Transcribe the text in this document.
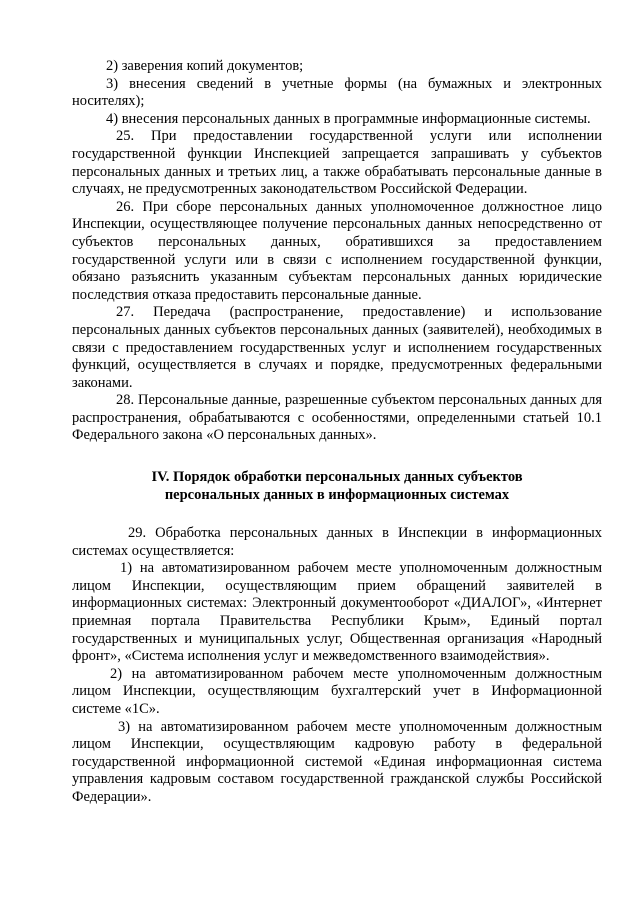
2) заверения копий документов;

3) внесения сведений в учетные формы (на бумажных и электронных носителях);

4) внесения персональных данных в программные информационные системы.

25. При предоставлении государственной услуги или исполнении государственной функции Инспекцией запрещается запрашивать у субъектов персональных данных и третьих лиц, а также обрабатывать персональные данные в случаях, не предусмотренных законодательством Российской Федерации.

26. При сборе персональных данных уполномоченное должностное лицо Инспекции, осуществляющее получение персональных данных непосредственно от субъектов персональных данных, обратившихся за предоставлением государственной услуги или в связи с исполнением государственной функции, обязано разъяснить указанным субъектам персональных данных юридические последствия отказа предоставить персональные данные.

27. Передача (распространение, предоставление) и использование персональных данных субъектов персональных данных (заявителей), необходимых в связи с предоставлением государственных услуг и исполнением государственных функций, осуществляется в случаях и порядке, предусмотренных федеральными законами.

28. Персональные данные, разрешенные субъектом персональных данных для распространения, обрабатываются с особенностями, определенными статьей 10.1 Федерального закона «О персональных данных».

IV. Порядок обработки персональных данных субъектов
персональных данных в информационных системах

29. Обработка персональных данных в Инспекции в информационных системах осуществляется:

1) на автоматизированном рабочем месте уполномоченным должностным лицом Инспекции, осуществляющим прием обращений заявителей в информационных системах: Электронный документооборот «ДИАЛОГ», «Интернет приемная портала Правительства Республики Крым», Единый портал государственных и муниципальных услуг, Общественная организация «Народный фронт», «Система исполнения услуг и межведомственного взаимодействия».

2) на автоматизированном рабочем месте уполномоченным должностным лицом Инспекции, осуществляющим бухгалтерский учет в Информационной системе «1С».

3) на автоматизированном рабочем месте уполномоченным должностным лицом Инспекции, осуществляющим кадровую работу в федеральной государственной информационной системой «Единая информационная система управления кадровым составом государственной гражданской службы Российской Федерации».
